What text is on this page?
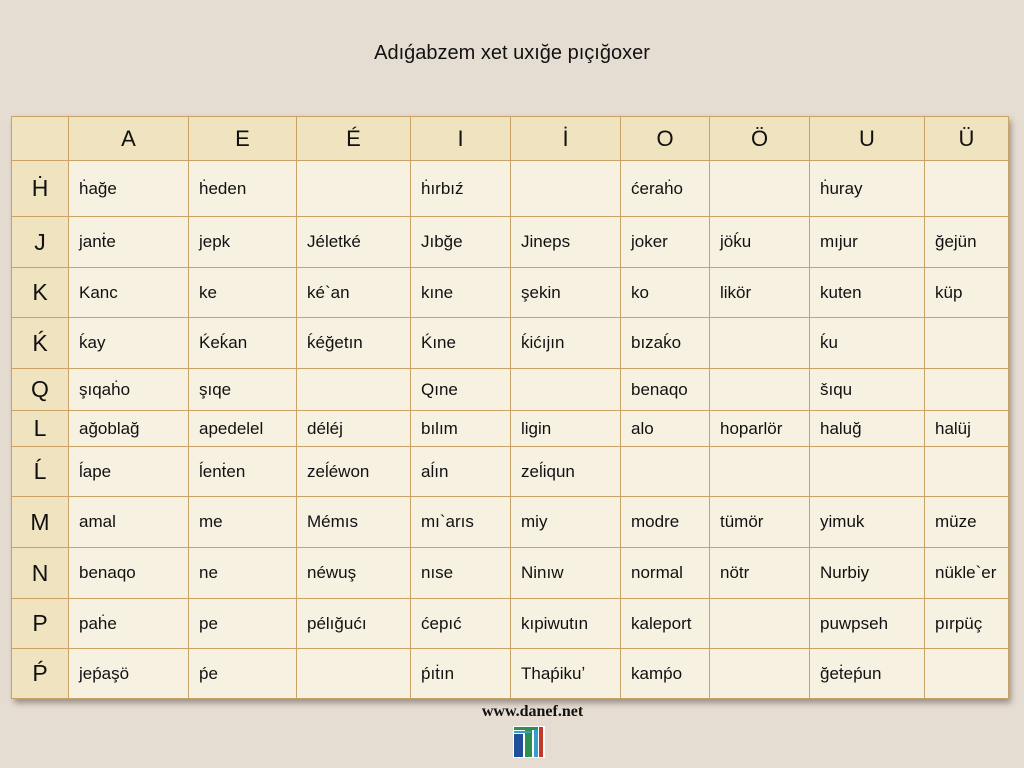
Adıǵabzem xet uxığe pıçığoxer
	A	E	É	I	İ	O	Ö	U	Ü
Ḣ	ḣağe	ḣeden		ḣırbıź		ćeraḣo		ḣuray	
J	janṫe	jepk	Jéletké	Jıbğe	Jineps	joker	jöḱu	mıjur	ğejün
K	Kanc	ke	ké`an	kıne	şekin	ko	likör	kuten	küp
Ḱ	ḱay	Ḱeḱan	ḱéğetın	Ḱıne	ḱićıjın	bızaḱo		ḱu	
Q	şıqaḣo	şıqe		Qıne		benaqo		šıqu	
L	ağoblağ	apedelel	déléj	bılım	ligin	alo	hoparlör	haluğ	halüj
Ĺ	ĺape	ĺenṫen	zeĺéwon	aĺın	zeĺiqun				
M	amal	me	Mémıs	mı`arıs	miy	modre	tümör	yimuk	müze
N	benaqo	ne	néwuş	nıse	Ninıw	normal	nötr	Nurbiy	nükle`er
P	paḣe	pe	pélığućı	ćepıć	kıpiwutın	kaleport		puwpseh	pırpüç
Ṕ	jeṕaşö	ṕe		ṕıṫın	Thaṕikuʼ	kamṕo		ğeṫeṕun	
www.danef.net
